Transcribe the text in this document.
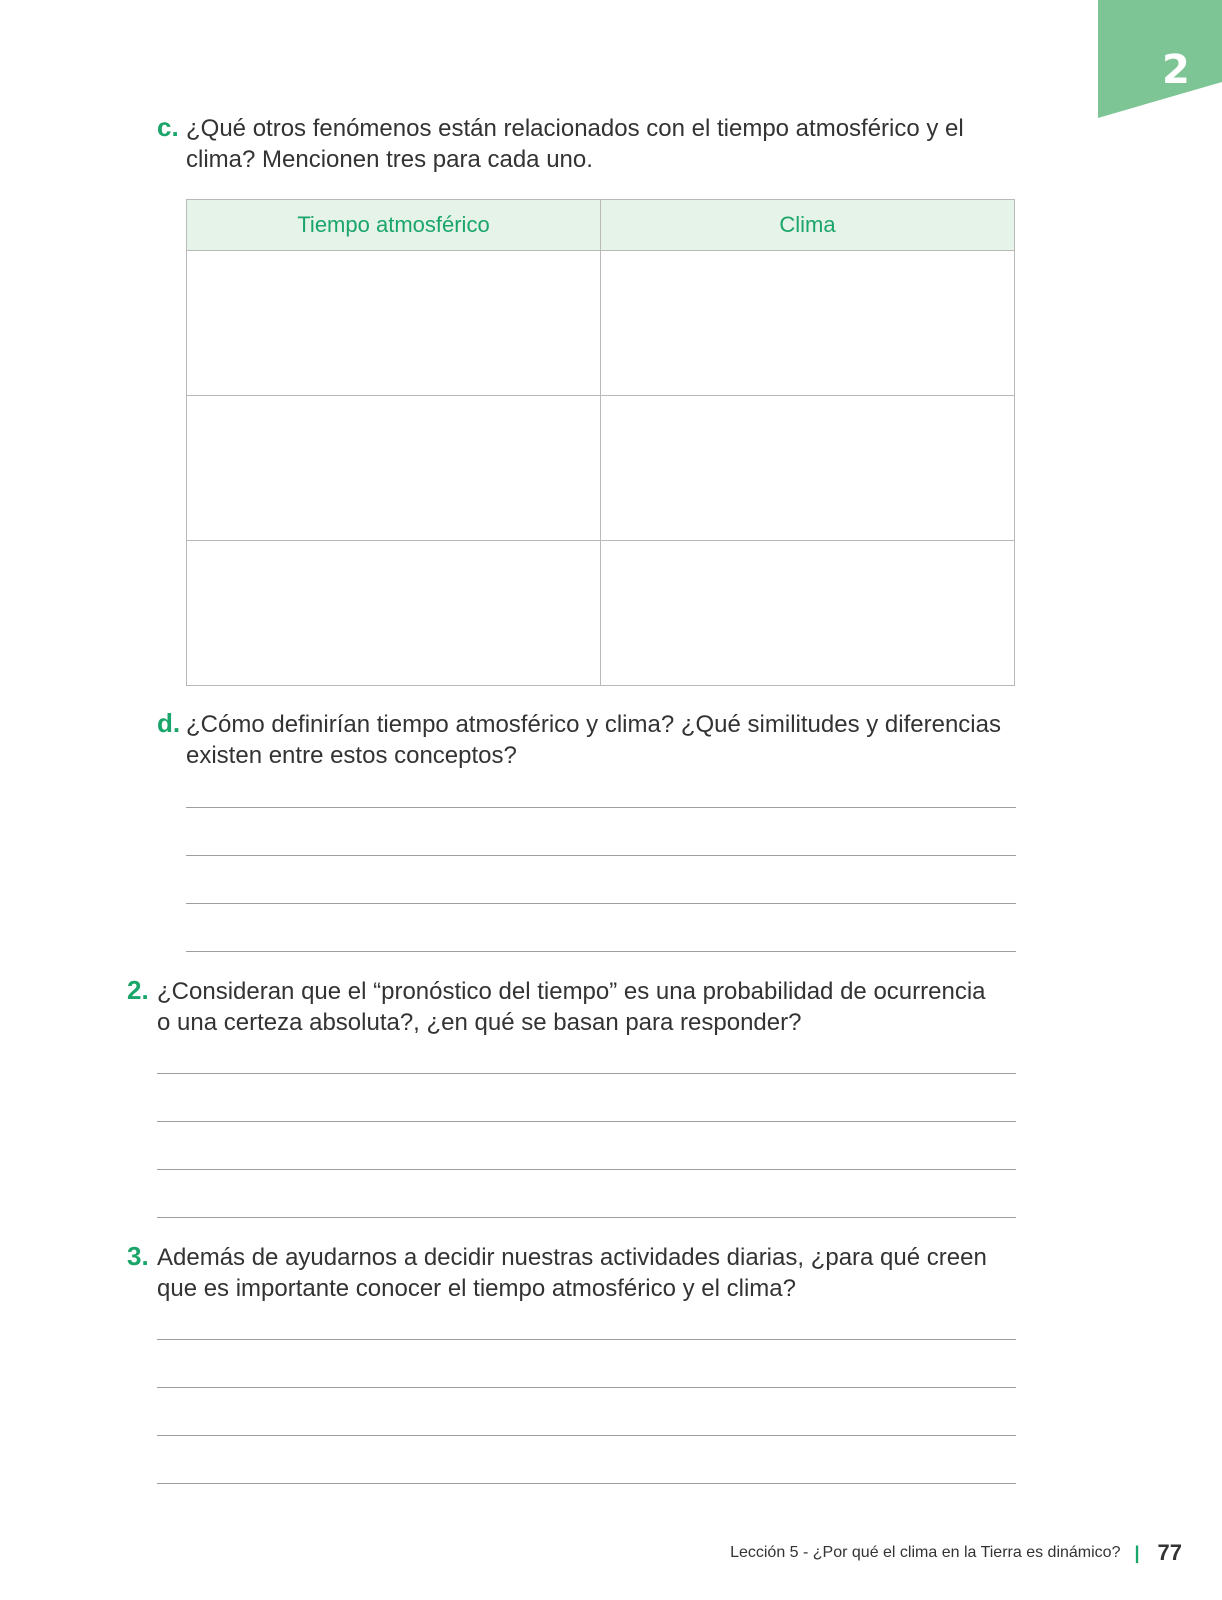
2
c. ¿Qué otros fenómenos están relacionados con el tiempo atmosférico y el clima? Mencionen tres para cada uno.
Tiempo atmosférico	Clima

d. ¿Cómo definirían tiempo atmosférico y clima? ¿Qué similitudes y diferencias existen entre estos conceptos?
2. ¿Consideran que el “pronóstico del tiempo” es una probabilidad de ocurrencia o una certeza absoluta?, ¿en qué se basan para responder?
3. Además de ayudarnos a decidir nuestras actividades diarias, ¿para qué creen que es importante conocer el tiempo atmosférico y el clima?
Lección 5 - ¿Por qué el clima en la Tierra es dinámico? | 77
